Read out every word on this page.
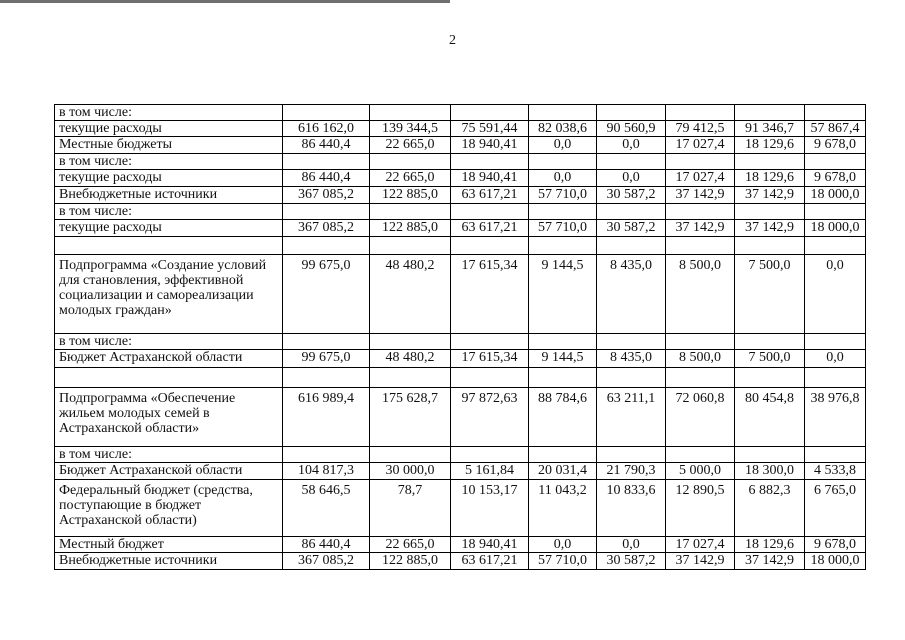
2
в том числе:								
текущие расходы	616 162,0	139 344,5	75 591,44	82 038,6	90 560,9	79 412,5	91 346,7	57 867,4
Местные бюджеты	86 440,4	22 665,0	18 940,41	0,0	0,0	17 027,4	18 129,6	9 678,0
в том числе:								
текущие расходы	86 440,4	22 665,0	18 940,41	0,0	0,0	17 027,4	18 129,6	9 678,0
Внебюджетные источники	367 085,2	122 885,0	63 617,21	57 710,0	30 587,2	37 142,9	37 142,9	18 000,0
в том числе:								
текущие расходы	367 085,2	122 885,0	63 617,21	57 710,0	30 587,2	37 142,9	37 142,9	18 000,0

Подпрограмма «Создание условий для становления, эффективной социализации и самореализации молодых граждан»	99 675,0	48 480,2	17 615,34	9 144,5	8 435,0	8 500,0	7 500,0	0,0
в том числе:								
Бюджет Астраханской области	99 675,0	48 480,2	17 615,34	9 144,5	8 435,0	8 500,0	7 500,0	0,0

Подпрограмма «Обеспечение жильем молодых семей в Астраханской области»	616 989,4	175 628,7	97 872,63	88 784,6	63 211,1	72 060,8	80 454,8	38 976,8
в том числе:								
Бюджет Астраханской области	104 817,3	30 000,0	5 161,84	20 031,4	21 790,3	5 000,0	18 300,0	4 533,8
Федеральный бюджет (средства, поступающие в бюджет Астраханской области)	58 646,5	78,7	10 153,17	11 043,2	10 833,6	12 890,5	6 882,3	6 765,0
Местный бюджет	86 440,4	22 665,0	18 940,41	0,0	0,0	17 027,4	18 129,6	9 678,0
Внебюджетные источники	367 085,2	122 885,0	63 617,21	57 710,0	30 587,2	37 142,9	37 142,9	18 000,0
